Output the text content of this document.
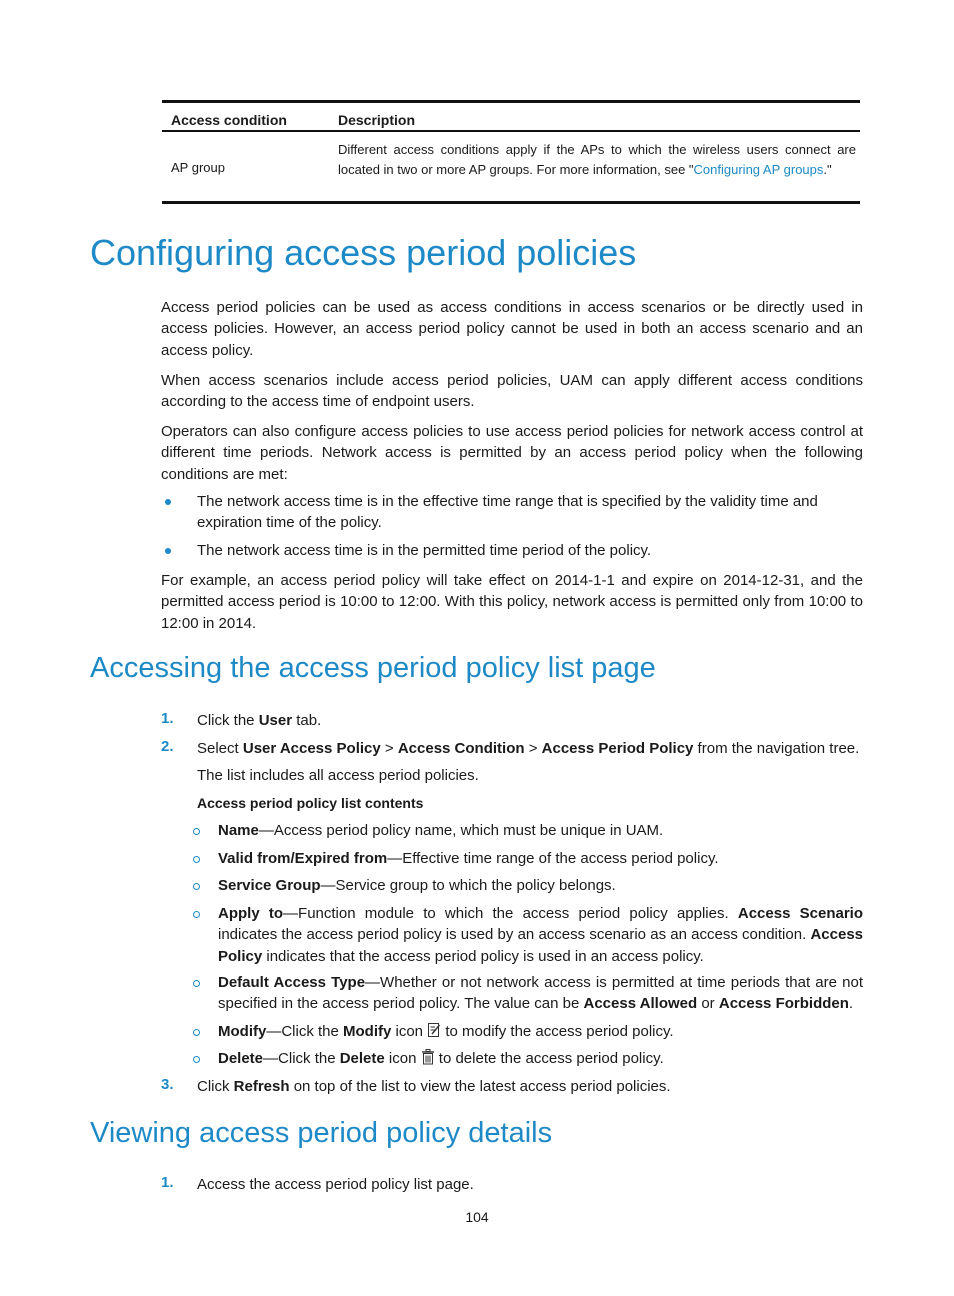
Access condition	Description
AP group
Different access conditions apply if the APs to which the wireless users connect are located in two or more AP groups. For more information, see "Configuring AP groups."
Configuring access period policies

Access period policies can be used as access conditions in access scenarios or be directly used in access policies. However, an access period policy cannot be used in both an access scenario and an access policy.

When access scenarios include access period policies, UAM can apply different access conditions according to the access time of endpoint users.

Operators can also configure access policies to use access period policies for network access control at different time periods. Network access is permitted by an access period policy when the following conditions are met:

The network access time is in the effective time range that is specified by the validity time and expiration time of the policy.

The network access time is in the permitted time period of the policy.

For example, an access period policy will take effect on 2014-1-1 and expire on 2014-12-31, and the permitted access period is 10:00 to 12:00. With this policy, network access is permitted only from 10:00 to 12:00 in 2014.

Accessing the access period policy list page
1. Click the User tab.

2. Select User Access Policy > Access Condition > Access Period Policy from the navigation tree.

The list includes all access period policies.

Access period policy list contents

Name—Access period policy name, which must be unique in UAM.

Valid from/Expired from—Effective time range of the access period policy.

Service Group—Service group to which the policy belongs.

Apply to—Function module to which the access period policy applies. Access Scenario indicates the access period policy is used by an access scenario as an access condition. Access Policy indicates that the access period policy is used in an access policy.

Default Access Type—Whether or not network access is permitted at time periods that are not specified in the access period policy. The value can be Access Allowed or Access Forbidden.

Modify—Click the Modify icon  to modify the access period policy.

Delete—Click the Delete icon  to delete the access period policy.

3. Click Refresh on top of the list to view the latest access period policies.

Viewing access period policy details
1. Access the access period policy list page.

104
